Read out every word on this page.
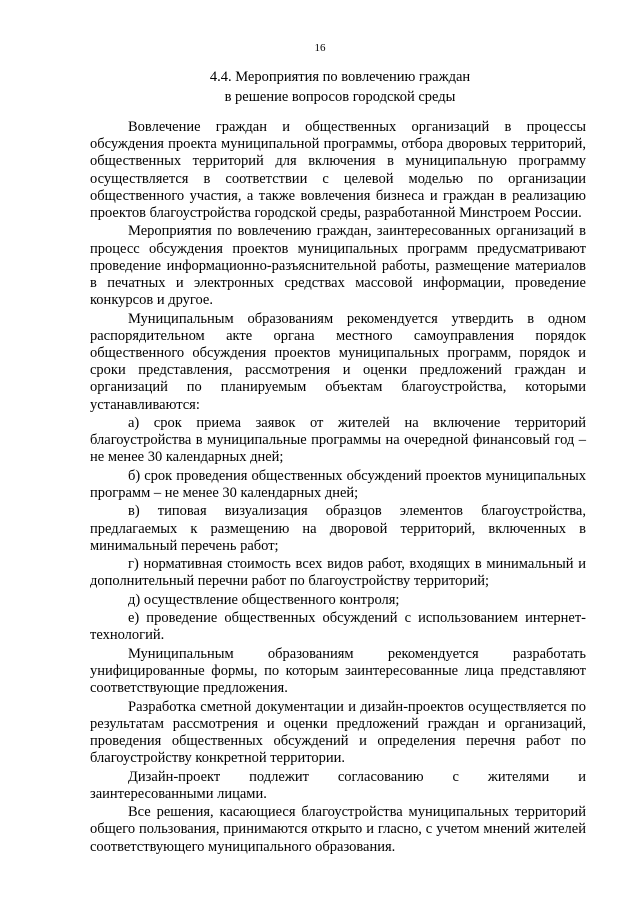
16
4.4. Мероприятия по вовлечению граждан
в решение вопросов городской среды

Вовлечение граждан и общественных организаций в процессы обсуждения проекта муниципальной программы, отбора дворовых территорий, общественных территорий для включения в муниципальную программу осуществляется в соответствии с целевой моделью по организации общественного участия, а также вовлечения бизнеса и граждан в реализацию проектов благоустройства городской среды, разработанной Минстроем России.

Мероприятия по вовлечению граждан, заинтересованных организаций в процесс обсуждения проектов муниципальных программ предусматривают проведение информационно-разъяснительной работы, размещение материалов в печатных и электронных средствах массовой информации, проведение конкурсов и другое.

Муниципальным образованиям рекомендуется утвердить в одном распорядительном акте органа местного самоуправления порядок общественного обсуждения проектов муниципальных программ, порядок и сроки представления, рассмотрения и оценки предложений граждан и организаций по планируемым объектам благоустройства, которыми устанавливаются:

а) срок приема заявок от жителей на включение территорий благоустройства в муниципальные программы на очередной финансовый год – не менее 30 календарных дней;

б) срок проведения общественных обсуждений проектов муниципальных программ – не менее 30 календарных дней;

в) типовая визуализация образцов элементов благоустройства, предлагаемых к размещению на дворовой территорий, включенных в минимальный перечень работ;

г) нормативная стоимость всех видов работ, входящих в минимальный и дополнительный перечни работ по благоустройству территорий;

д) осуществление общественного контроля;

е) проведение общественных обсуждений с использованием интернет-технологий.

Муниципальным образованиям рекомендуется разработать унифицированные формы, по которым заинтересованные лица представляют соответствующие предложения.

Разработка сметной документации и дизайн-проектов осуществляется по результатам рассмотрения и оценки предложений граждан и организаций, проведения общественных обсуждений и определения перечня работ по благоустройству конкретной территории.

Дизайн-проект подлежит согласованию с жителями и заинтересованными лицами.

Все решения, касающиеся благоустройства муниципальных территорий общего пользования, принимаются открыто и гласно, с учетом мнений жителей соответствующего муниципального образования.
